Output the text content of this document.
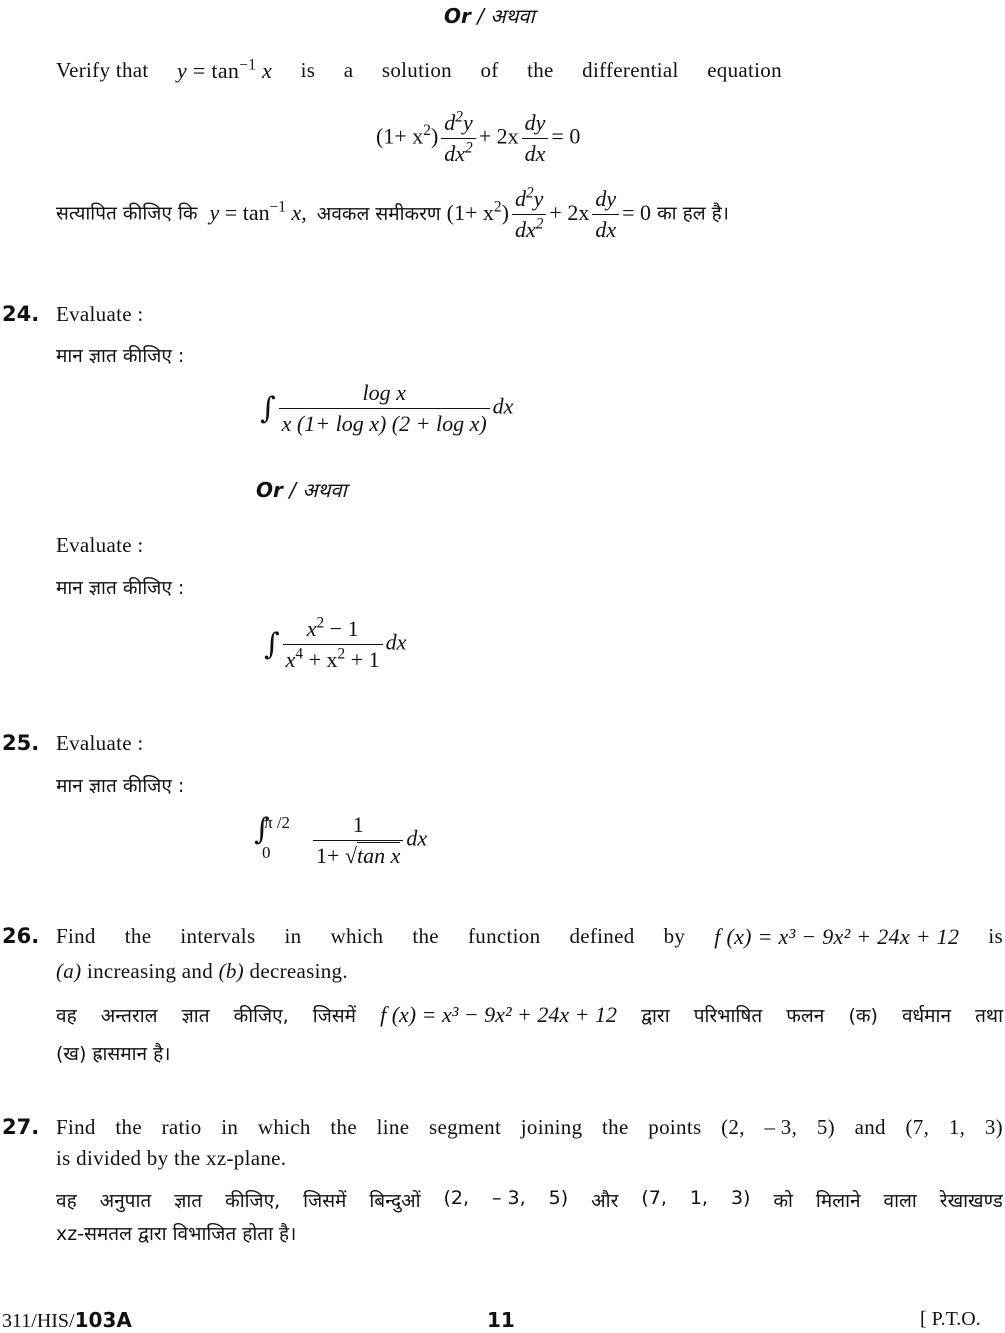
Or / अथवा
Verify that $y = \tan^{-1} x$ is a solution of the differential equation
$(1+ x^2) \frac{d^2y}{dx^2} + 2x \frac{dy}{dx} = 0$
सत्यापित कीजिए कि $y = \tan^{-1} x$, अवकल समीकरण $(1+ x^2) \frac{d^2y}{dx^2} + 2x \frac{dy}{dx} = 0$ का हल है।
24. Evaluate :
मान ज्ञात कीजिए :
∫ $\frac{\text{log x}}{\text{x (1+ log x) (2 + log x)}}$ dx
Or / अथवा
Evaluate :
मान ज्ञात कीजिए :
∫ $\frac{x^2 - 1}{x^4 + x^2 + 1}$ dx
25. Evaluate :
मान ज्ञात कीजिए :
∫
π /2
$0 \frac{1}{\text{1+ √tan x}}$ dx
26. Find the intervals in which the function defined by f (x) = x³ − 9x² + 24x + 12 is
(a) increasing and (b) decreasing.
वह अन्तराल ज्ञात कीजिए, जिसमें f (x) = x³ − 9x² + 24x + 12 द्वारा परिभाषित फलन (क) वर्धमान तथा
(ख) ह्रासमान है।
27. Find the ratio in which the line segment joining the points (2, – 3, 5) and (7, 1, 3)
is divided by the xz-plane.
वह अनुपात ज्ञात कीजिए, जिसमें बिन्दुओं (2, – 3, 5) और (7, 1, 3) को मिलाने वाला रेखाखण्ड
xz-समतल द्वारा विभाजित होता है।
311/HIS/103A	11	[ P.T.O.
